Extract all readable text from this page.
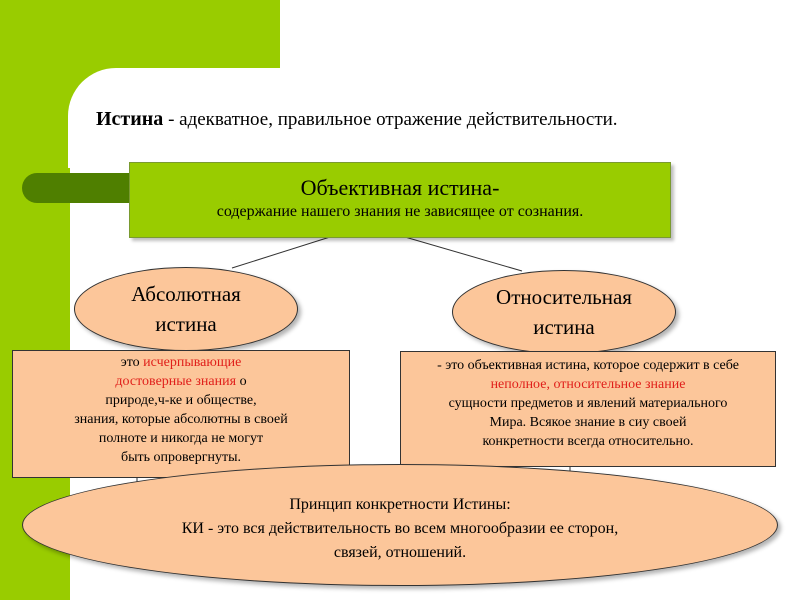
Истина - адекватное, правильное отражение действительности.
Объективная истина-
содержание нашего знания не зависящее от сознания.
Абсолютная
истина
Относительная
истина
это исчерпывающие
достоверные знания о
природе,ч-ке и обществе,
знания, которые абсолютны в своей
полноте и никогда не могут
быть опровергнуты.
- это объективная истина, которое содержит в себе
неполное, относительное знание
сущности предметов и явлений материального
Мира. Всякое знание в сиу своей
конкретности всегда относительно.
Принцип конкретности Истины:
КИ - это вся действительность во всем многообразии ее сторон,
связей, отношений.
